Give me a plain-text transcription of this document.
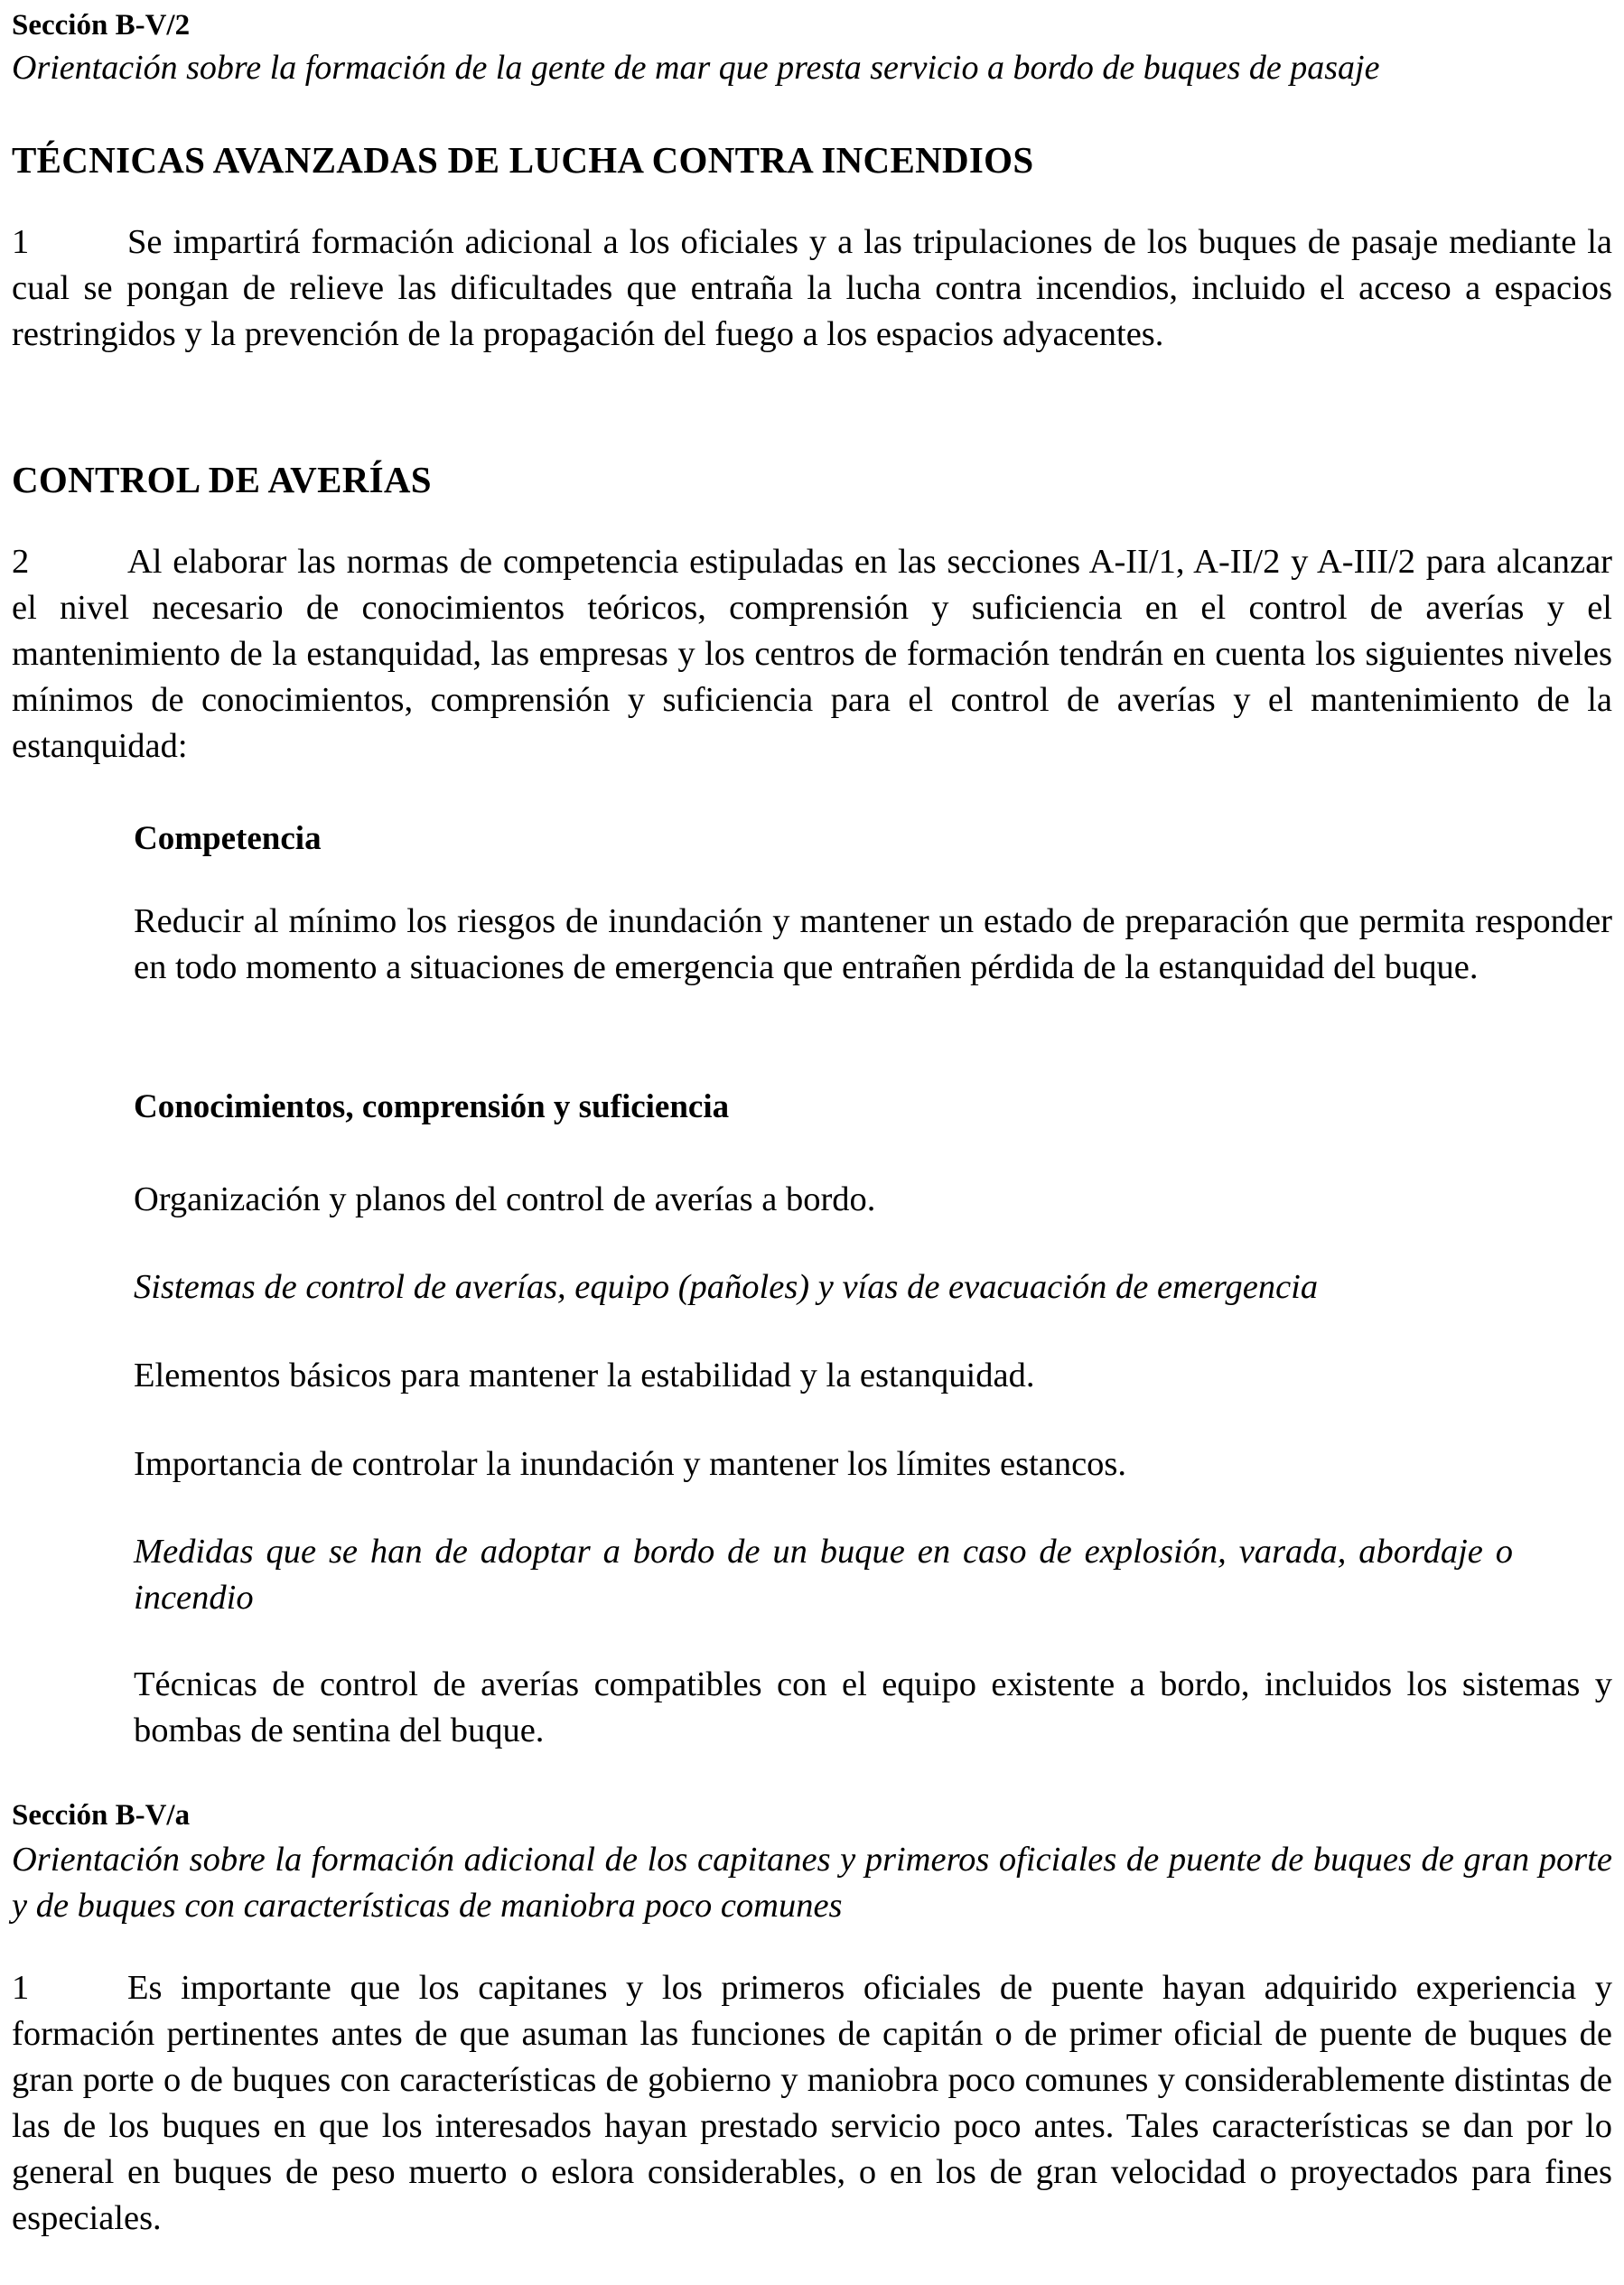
Sección B-V/2
Orientación sobre la formación de la gente de mar que presta servicio a bordo de buques de pasaje
TÉCNICAS AVANZADAS DE LUCHA CONTRA INCENDIOS
1	Se impartirá formación adicional a los oficiales y a las tripulaciones de los buques de pasaje mediante la cual se pongan de relieve las dificultades que entraña la lucha contra incendios, incluido el acceso a espacios restringidos y la prevención de la propagación del fuego a los espacios adyacentes.
CONTROL DE AVERÍAS
2	Al elaborar las normas de competencia estipuladas en las secciones A-II/1, A-II/2 y A-III/2 para alcanzar el nivel necesario de conocimientos teóricos, comprensión y suficiencia en el control de averías y el mantenimiento de la estanquidad, las empresas y los centros de formación tendrán en cuenta los siguientes niveles mínimos de conocimientos, comprensión y suficiencia para el control de averías y el mantenimiento de la estanquidad:
Competencia
Reducir al mínimo los riesgos de inundación y mantener un estado de preparación que permita responder en todo momento a situaciones de emergencia que entrañen pérdida de la estanquidad del buque.
Conocimientos, comprensión y suficiencia
Organización y planos del control de averías a bordo.
Sistemas de control de averías, equipo (pañoles) y vías de evacuación de emergencia
Elementos básicos para mantener la estabilidad y la estanquidad.
Importancia de controlar la inundación y mantener los límites estancos.
Medidas que se han de adoptar a bordo de un buque en caso de explosión, varada, abordaje o incendio
Técnicas de control de averías compatibles con el equipo existente a bordo, incluidos los sistemas y bombas de sentina del buque.
Sección B-V/a
Orientación sobre la formación adicional de los capitanes y primeros oficiales de puente de buques de gran porte y de buques con características de maniobra poco comunes
1	Es importante que los capitanes y los primeros oficiales de puente hayan adquirido experiencia y formación pertinentes antes de que asuman las funciones de capitán o de primer oficial de puente de buques de gran porte o de buques con características de gobierno y maniobra poco comunes y considerablemente distintas de las de los buques en que los interesados hayan prestado servicio poco antes. Tales características se dan por lo general en buques de peso muerto o eslora considerables, o en los de gran velocidad o proyectados para fines especiales.
